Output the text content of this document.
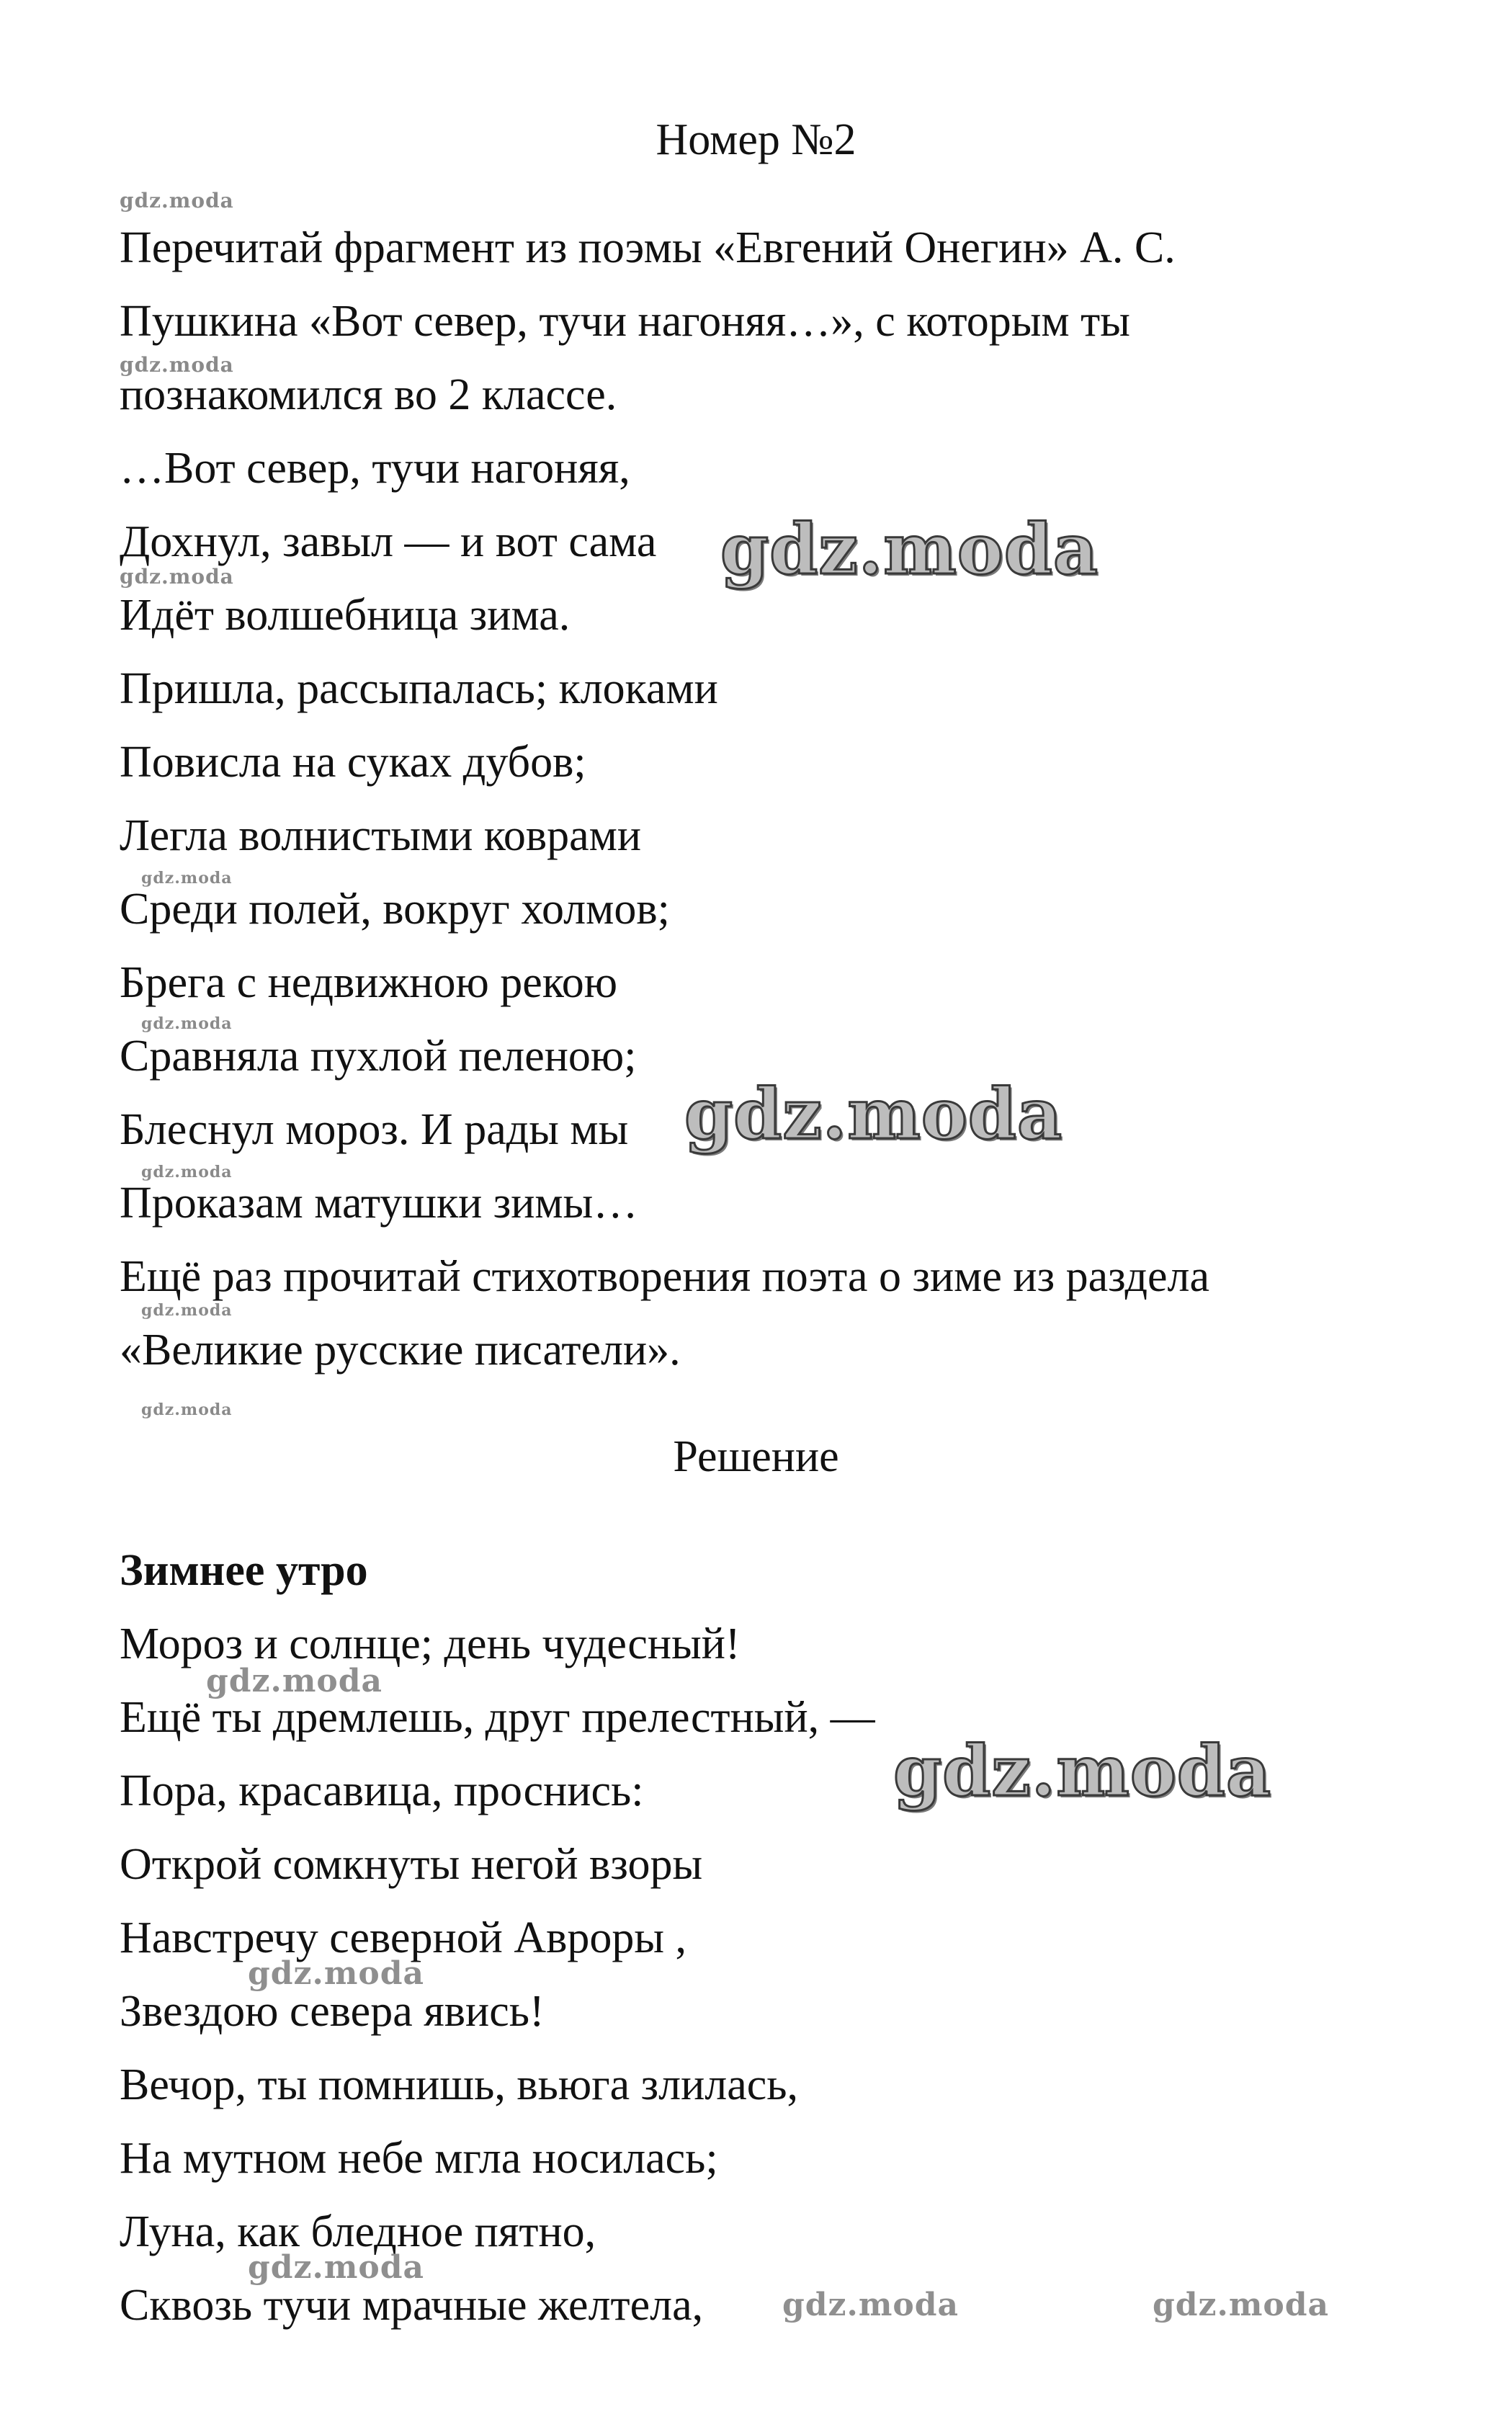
Номер №2
Перечитай фрагмент из поэмы «Евгений Онегин» А. С.
Пушкина «Вот север, тучи нагоняя…», с которым ты
познакомился во 2 классе.
…Вот север, тучи нагоняя,
Дохнул, завыл — и вот сама
Идёт волшебница зима.
Пришла, рассыпалась; клоками
Повисла на суках дубов;
Легла волнистыми коврами
Среди полей, вокруг холмов;
Брега с недвижною рекою
Сравняла пухлой пеленою;
Блеснул мороз. И рады мы
Проказам матушки зимы…
Ещё раз прочитай стихотворения поэта о зиме из раздела
«Великие русские писатели».
Решение
Зимнее утро
Мороз и солнце; день чудесный!
Ещё ты дремлешь, друг прелестный, —
Пора, красавица, проснись:
Открой сомкнуты негой взоры
Навстречу северной Авроры ,
Звездою севера явись!
Вечор, ты помнишь, вьюга злилась,
На мутном небе мгла носилась;
Луна, как бледное пятно,
Сквозь тучи мрачные желтела,
gdz.moda
gdz.moda
gdz.moda	gdz.moda
gdz.moda
gdz.moda
gdz.moda
gdz.moda
gdz.moda
gdz.moda
gdz.moda
gdz.moda
gdz.moda
gdz.moda
gdz.moda	gdz.moda
